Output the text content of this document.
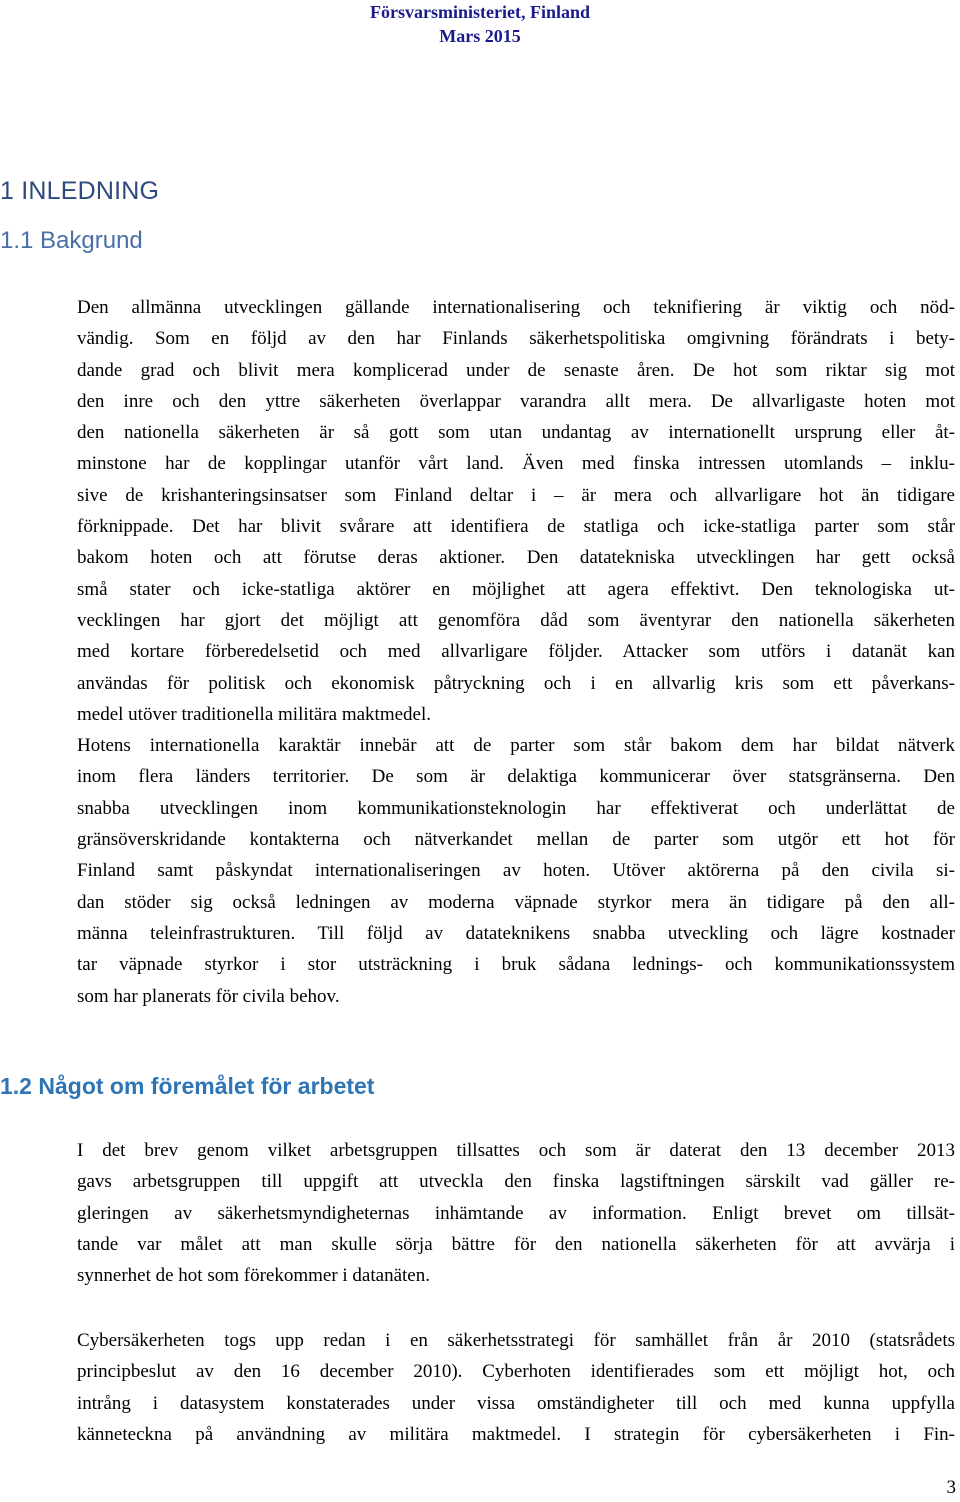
Försvarsministeriet, Finland
Mars 2015
1 INLEDNING
1.1 Bakgrund
Den allmänna utvecklingen gällande internationalisering och teknifiering är viktig och nöd-
vändig. Som en följd av den har Finlands säkerhetspolitiska omgivning förändrats i bety-
dande grad och blivit mera komplicerad under de senaste åren. De hot som riktar sig mot
den inre och den yttre säkerheten överlappar varandra allt mera. De allvarligaste hoten mot
den nationella säkerheten är så gott som utan undantag av internationellt ursprung eller åt-
minstone har de kopplingar utanför vårt land. Även med finska intressen utomlands – inklu-
sive de krishanteringsinsatser som Finland deltar i – är mera och allvarligare hot än tidigare
förknippade. Det har blivit svårare att identifiera de statliga och icke-statliga parter som står
bakom hoten och att förutse deras aktioner. Den datatekniska utvecklingen har gett också
små stater och icke-statliga aktörer en möjlighet att agera effektivt. Den teknologiska ut-
vecklingen har gjort det möjligt att genomföra dåd som äventyrar den nationella säkerheten
med kortare förberedelsetid och med allvarligare följder. Attacker som utförs i datanät kan
användas för politisk och ekonomisk påtryckning och i en allvarlig kris som ett påverkans-
medel utöver traditionella militära maktmedel.
Hotens internationella karaktär innebär att de parter som står bakom dem har bildat nätverk
inom flera länders territorier. De som är delaktiga kommunicerar över statsgränserna. Den
snabba utvecklingen inom kommunikationsteknologin har effektiverat och underlättat de
gränsöverskridande kontakterna och nätverkandet mellan de parter som utgör ett hot för
Finland samt påskyndat internationaliseringen av hoten. Utöver aktörerna på den civila si-
dan stöder sig också ledningen av moderna väpnade styrkor mera än tidigare på den all-
männa teleinfrastrukturen. Till följd av datateknikens snabba utveckling och lägre kostnader
tar väpnade styrkor i stor utsträckning i bruk sådana lednings- och kommunikationssystem
som har planerats för civila behov.
1.2 Något om föremålet för arbetet
I det brev genom vilket arbetsgruppen tillsattes och som är daterat den 13 december 2013
gavs arbetsgruppen till uppgift att utveckla den finska lagstiftningen särskilt vad gäller re-
gleringen av säkerhetsmyndigheternas inhämtande av information. Enligt brevet om tillsät-
tande var målet att man skulle sörja bättre för den nationella säkerheten för att avvärja i
synnerhet de hot som förekommer i datanäten.
Cybersäkerheten togs upp redan i en säkerhetsstrategi för samhället från år 2010 (statsrådets
principbeslut av den 16 december 2010). Cyberhoten identifierades som ett möjligt hot, och
intrång i datasystem konstaterades under vissa omständigheter till och med kunna uppfylla
känneteckna på användning av militära maktmedel. I strategin för cybersäkerheten i Fin-
3
